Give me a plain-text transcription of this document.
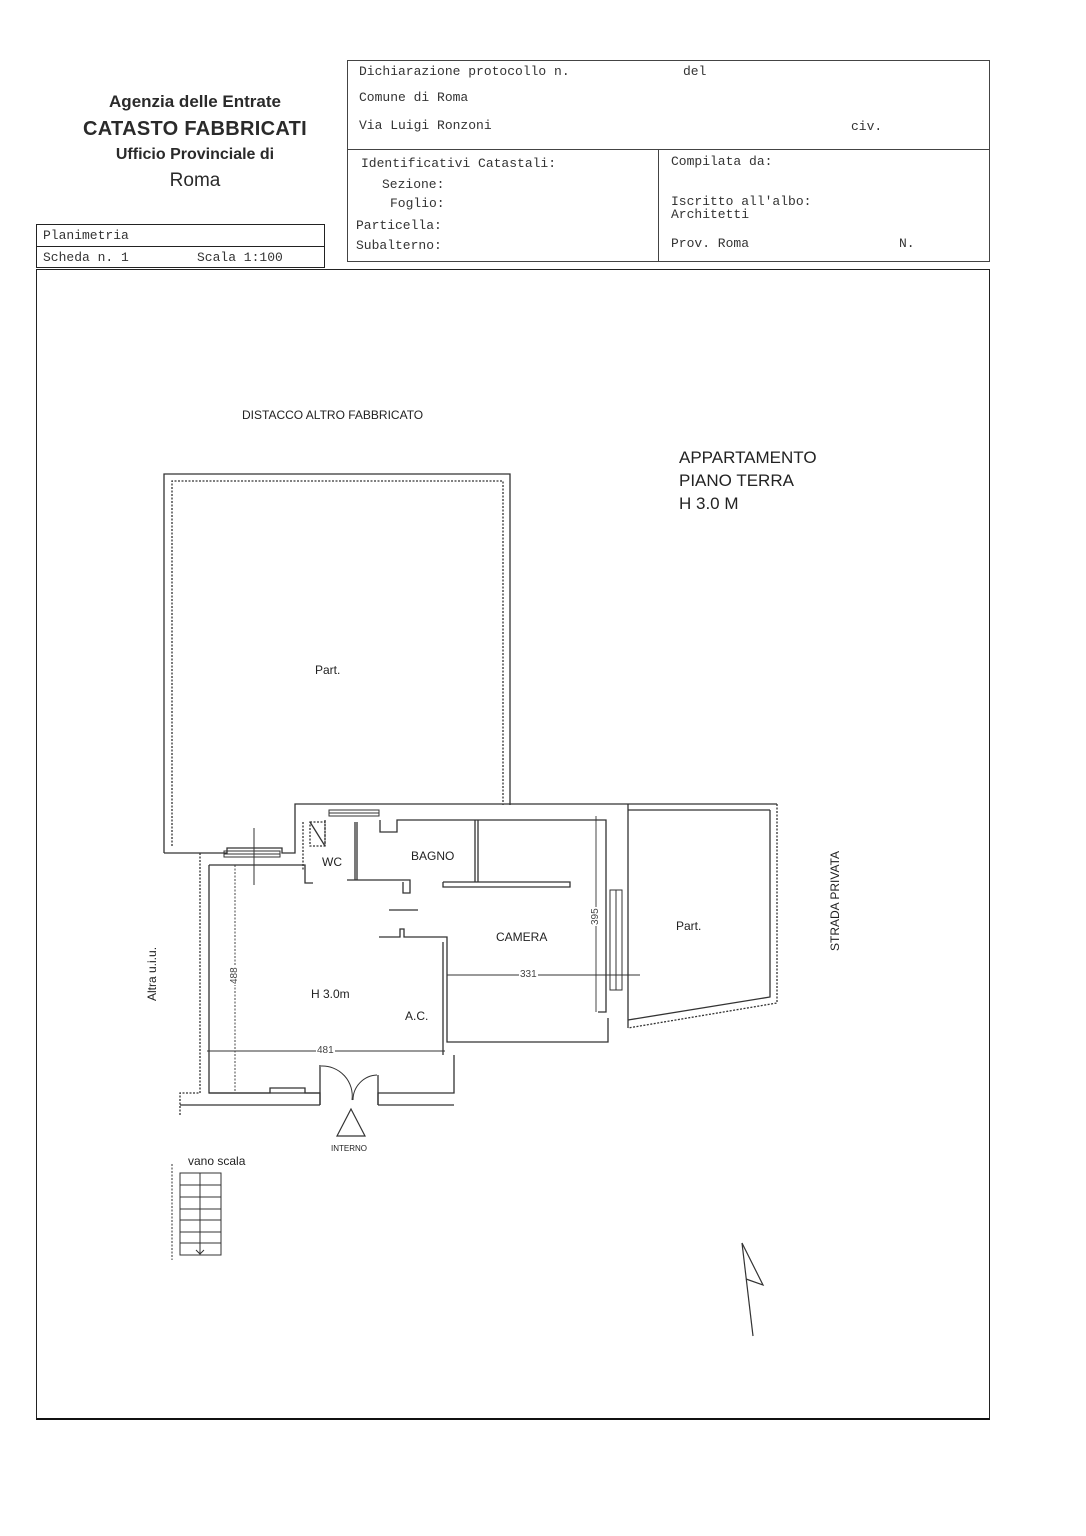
Agenzia delle Entrate
CATASTO FABBRICATI
Ufficio Provinciale di
Roma
Planimetria
Scheda n. 1	Scala 1:100
Dichiarazione protocollo n.	del
Comune di Roma
Via Luigi Ronzoni	civ.
Identificativi Catastali:
Sezione:
Foglio:
Particella:
Subalterno:
Compilata da:
Iscritto all'albo:
Architetti
Prov. Roma	N.
DISTACCO ALTRO FABBRICATO
APPARTAMENTO
PIANO TERRA
H 3.0 M
Part.
Part.
WC	BAGNO
CAMERA
H 3.0m
A.C.
vano scala
INTERNO
Altra u.i.u.
STRADA PRIVATA
488
481
331
395
